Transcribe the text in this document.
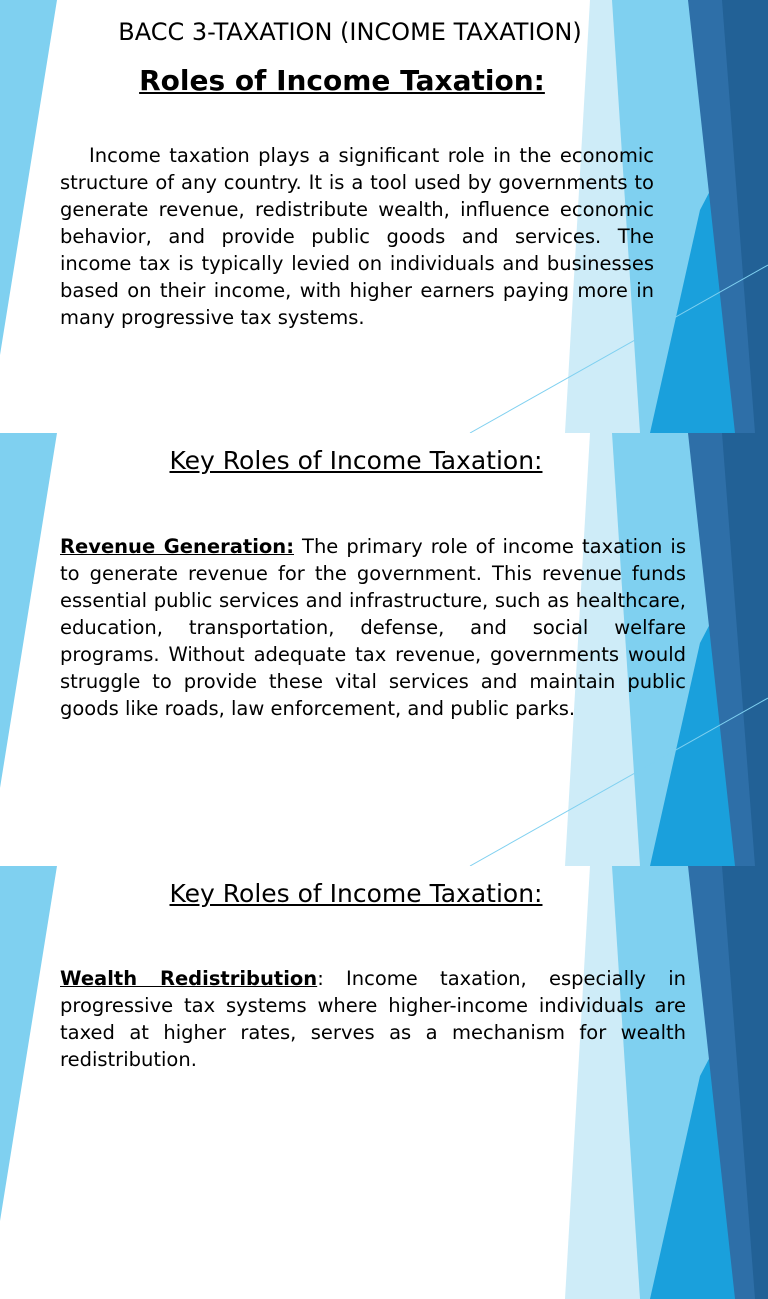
BACC 3-TAXATION (INCOME TAXATION)
Roles of Income Taxation:
Income taxation plays a significant role in the economic structure of any country. It is a tool used by governments to generate revenue, redistribute wealth, influence economic behavior, and provide public goods and services. The income tax is typically levied on individuals and businesses based on their income, with higher earners paying more in many progressive tax systems.
Key Roles of Income Taxation:
Revenue Generation: The primary role of income taxation is to generate revenue for the government. This revenue funds essential public services and infrastructure, such as healthcare, education, transportation, defense, and social welfare programs. Without adequate tax revenue, governments would struggle to provide these vital services and maintain public goods like roads, law enforcement, and public parks.
Key Roles of Income Taxation:
Wealth Redistribution: Income taxation, especially in progressive tax systems where higher-income individuals are taxed at higher rates, serves as a mechanism for wealth redistribution.
